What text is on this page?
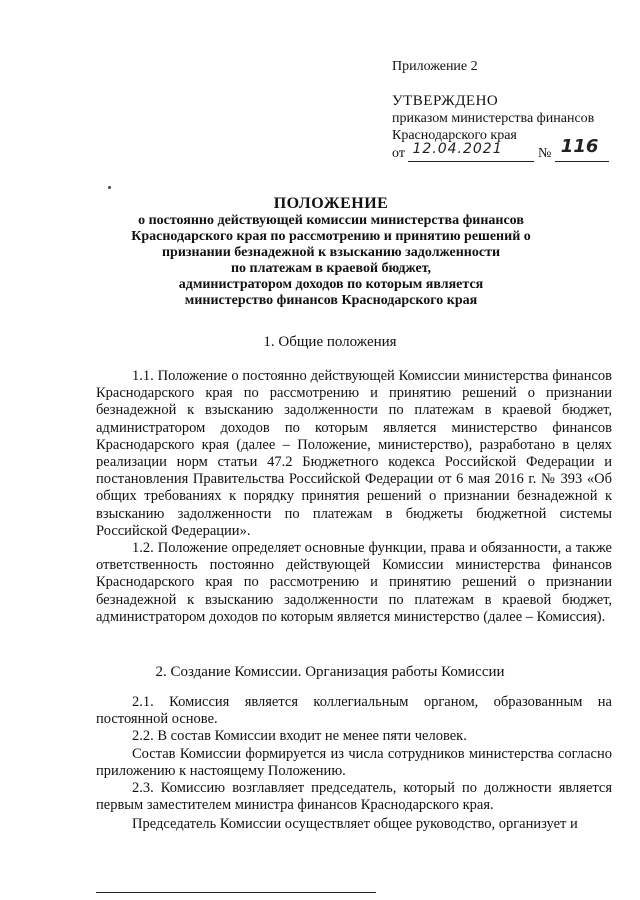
Приложение 2
УТВЕРЖДЕНО
приказом министерства финансов
Краснодарского края
от 12.04.2021	№ 116
ПОЛОЖЕНИЕ
о постоянно действующей комиссии министерства финансов
Краснодарского края по рассмотрению и принятию решений о
признании безнадежной к взысканию задолженности
по платежам в краевой бюджет,
администратором доходов по которым является
министерство финансов Краснодарского края
1. Общие положения

1.1. Положение о постоянно действующей Комиссии министерства финансов Краснодарского края по рассмотрению и принятию решений о признании безнадежной к взысканию задолженности по платежам в краевой бюджет, администратором доходов по которым является министерство финансов Краснодарского края (далее – Положение, министерство), разработано в целях реализации норм статьи 47.2 Бюджетного кодекса Российской Федерации и постановления Правительства Российской Федерации от 6 мая 2016 г. № 393 «Об общих требованиях к порядку принятия решений о признании безнадежной к взысканию задолженности по платежам в бюджеты бюджетной системы Российской Федерации».

1.2. Положение определяет основные функции, права и обязанности, а также ответственность постоянно действующей Комиссии министерства финансов Краснодарского края по рассмотрению и принятию решений о признании безнадежной к взысканию задолженности по платежам в краевой бюджет, администратором доходов по которым является министерство (далее – Комиссия).

2. Создание Комиссии. Организация работы Комиссии

2.1. Комиссия является коллегиальным органом, образованным на постоянной основе.

2.2. В состав Комиссии входит не менее пяти человек.

Состав Комиссии формируется из числа сотрудников министерства согласно приложению к настоящему Положению.

2.3. Комиссию возглавляет председатель, который по должности является первым заместителем министра финансов Краснодарского края.

Председатель Комиссии осуществляет общее руководство, организует и
